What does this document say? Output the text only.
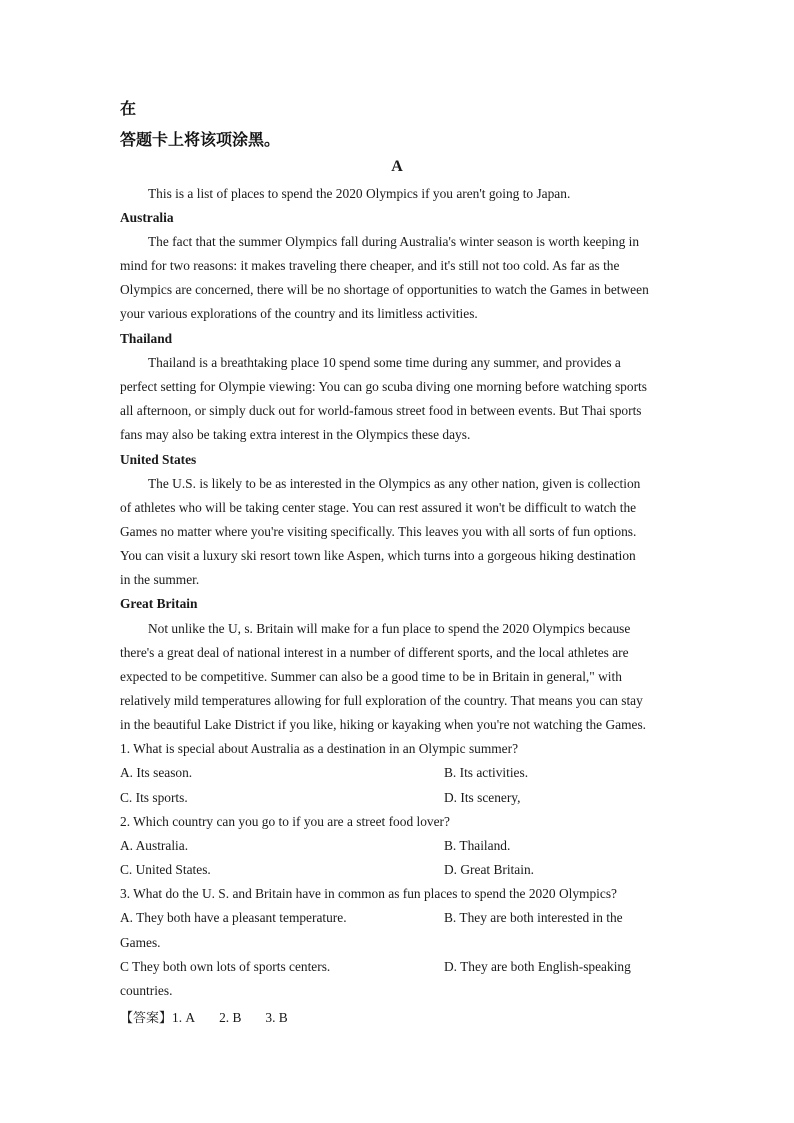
在
答题卡上将该项涂黑。
A
This is a list of places to spend the 2020 Olympics if you aren't going to Japan.
Australia
The fact that the summer Olympics fall during Australia's winter season is worth keeping in
mind for two reasons: it makes traveling there cheaper, and it's still not too cold. As far as the
Olympics are concerned, there will be no shortage of opportunities to watch the Games in between
your various explorations of the country and its limitless activities.
Thailand
Thailand is a breathtaking place 10 spend some time during any summer, and provides a
perfect setting for Olympie viewing: You can go scuba diving one morning before watching sports
all afternoon, or simply duck out for world-famous street food in between events. But Thai sports
fans may also be taking extra interest in the Olympics these days.
United States
The U.S. is likely to be as interested in the Olympics as any other nation, given is collection
of athletes who will be taking center stage. You can rest assured it won't be difficult to watch the
Games no matter where you're visiting specifically. This leaves you with all sorts of fun options.
You can visit a luxury ski resort town like Aspen, which turns into a gorgeous hiking destination
in the summer.
Great Britain
Not unlike the U, s. Britain will make for a fun place to spend the 2020 Olympics because
there's a great deal of national interest in a number of different sports, and the local athletes are
expected to be competitive. Summer can also be a good time to be in Britain in general," with
relatively mild temperatures allowing for full exploration of the country. That means you can stay
in the beautiful Lake District if you like, hiking or kayaking when you're not watching the Games.
1. What is special about Australia as a destination in an Olympic summer?
A. Its season.	B. Its activities.
C. Its sports.	D. Its scenery,
2. Which country can you go to if you are a street food lover?
A. Australia.	B. Thailand.
C. United States.	D. Great Britain.
3. What do the U. S. and Britain have in common as fun places to spend the 2020 Olympics?
A. They both have a pleasant temperature.	B. They are both interested in the
Games.
C They both own lots of sports centers.	D. They are both English-speaking
countries.
【答案】1. A 2. B 3. B
